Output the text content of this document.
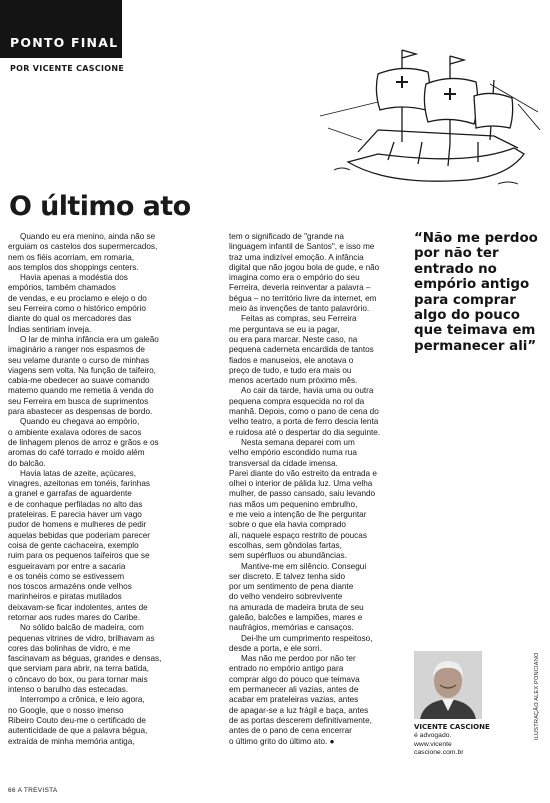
PONTO FINAL
POR VICENTE CASCIONE
O último ato

Quando eu era menino, ainda não se
erguiam os castelos dos supermercados,
nem os fiéis acorriam, em romaria,
aos templos dos shoppings centers.

Havia apenas a modéstia dos
empórios, também chamados
de vendas, e eu proclamo e elejo o do
seu Ferreira como o histórico empório
diante do qual os mercadores das
Índias sentiriam inveja.

O lar de minha infância era um galeão
imaginário a ranger nos espasmos de
seu velame durante o curso de minhas
viagens sem volta. Na função de taifeiro,
cabia-me obedecer ao suave comando
materno quando me remetia à venda do
seu Ferreira em busca de suprimentos
para abastecer as despensas de bordo.

Quando eu chegava ao empório,
o ambiente exalava odores de sacos
de linhagem plenos de arroz e grãos e os
aromas do café torrado e moído além
do balcão.

Havia latas de azeite, açúcares,
vinagres, azeitonas em tonéis, farinhas
a granel e garrafas de aguardente
e de conhaque perfiladas no alto das
prateleiras. E parecia haver um vago
pudor de homens e mulheres de pedir
aquelas bebidas que poderiam parecer
coisa de gente cachaceira, exemplo
ruim para os pequenos taifeiros que se
esgueiravam por entre a sacaria
e os tonéis como se estivessem
nos toscos armazéns onde velhos
marinheiros e piratas mutilados
deixavam-se ficar indolentes, antes de
retornar aos rudes mares do Caribe.

No sólido balcão de madeira, com
pequenas vitrines de vidro, brilhavam as
cores das bolinhas de vidro, e me
fascinavam as béguas, grandes e densas,
que serviam para abrir, na terra batida,
o côncavo do box, ou para tornar mais
intenso o barulho das estecadas.

Interrompo a crônica, e leio agora,
no Google, que o nosso imenso
Ribeiro Couto deu-me o certificado de
autenticidade de que a palavra bégua,
extraída de minha memória antiga,

tem o significado de "grande na
linguagem infantil de Santos", e isso me
traz uma indizível emoção. A infância
digital que não jogou bola de gude, e não
imagina como era o empório do seu
Ferreira, deveria reinventar a palavra –
bégua – no território livre da internet, em
meio às invenções de tanto palavrório.

Feitas as compras, seu Ferreira
me perguntava se eu ia pagar,
ou era para marcar. Neste caso, na
pequena caderneta encardida de tantos
fiados e manuseios, ele anotava o
preço de tudo, e tudo era mais ou
menos acertado num próximo mês.

Ao cair da tarde, havia uma ou outra
pequena compra esquecida no rol da
manhã. Depois, como o pano de cena do
velho teatro, a porta de ferro descia lenta
e ruidosa até o despertar do dia seguinte.

Nesta semana deparei com um
velho empório escondido numa rua
transversal da cidade imensa.
Parei diante do vão estreito da entrada e
olhei o interior de pálida luz. Uma velha
mulher, de passo cansado, saiu levando
nas mãos um pequenino embrulho,
e me veio a intenção de lhe perguntar
sobre o que ela havia comprado
ali, naquele espaço restrito de poucas
escolhas, sem gôndolas fartas,
sem supérfluos ou abundâncias.

Mantive-me em silêncio. Consegui
ser discreto. E talvez tenha sido
por um sentimento de pena diante
do velho vendeiro sobrevivente
na amurada de madeira bruta de seu
galeão, balcões e lampiões, mares e
naufrágios, memórias e cansaços.

Dei-lhe um cumprimento respeitoso,
desde a porta, e ele sorri.

Mas não me perdoo por não ter
entrado no empório antigo para
comprar algo do pouco que teimava
em permanecer ali vazias, antes de
acabar em prateleiras vazias, antes
de apagar-se a luz frágil e baça, antes
de as portas descerem definitivamente,
antes de o pano de cena encerrar
o último grito do último ato. ●

“Não me perdoo
por não ter
entrado no
empório antigo
para comprar
algo do pouco
que teimava em
permanecer ali”

VICENTE CASCIONE

é advogado.
www.vicente
cascione.com.br

ILUSTRAÇÃO ALEX PONCIANO
66 A TREVISTA
